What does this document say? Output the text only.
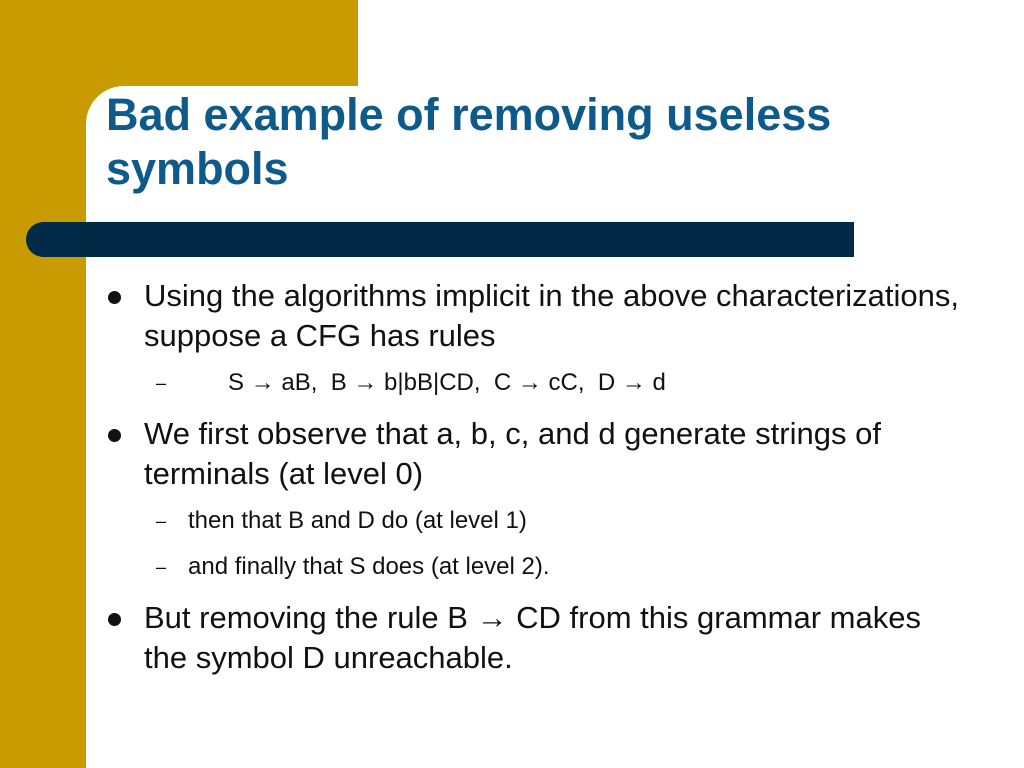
Bad example of removing useless symbols
Using the algorithms implicit in the above characterizations, suppose a CFG has rules
–	S → aB,  B → b|bB|CD,  C → cC,  D → d
We first observe that a, b, c, and d generate strings of terminals (at level 0)
– then that B and D do (at level 1)
– and finally that S does (at level 2).
But removing the rule B → CD from this grammar makes the symbol D unreachable.
